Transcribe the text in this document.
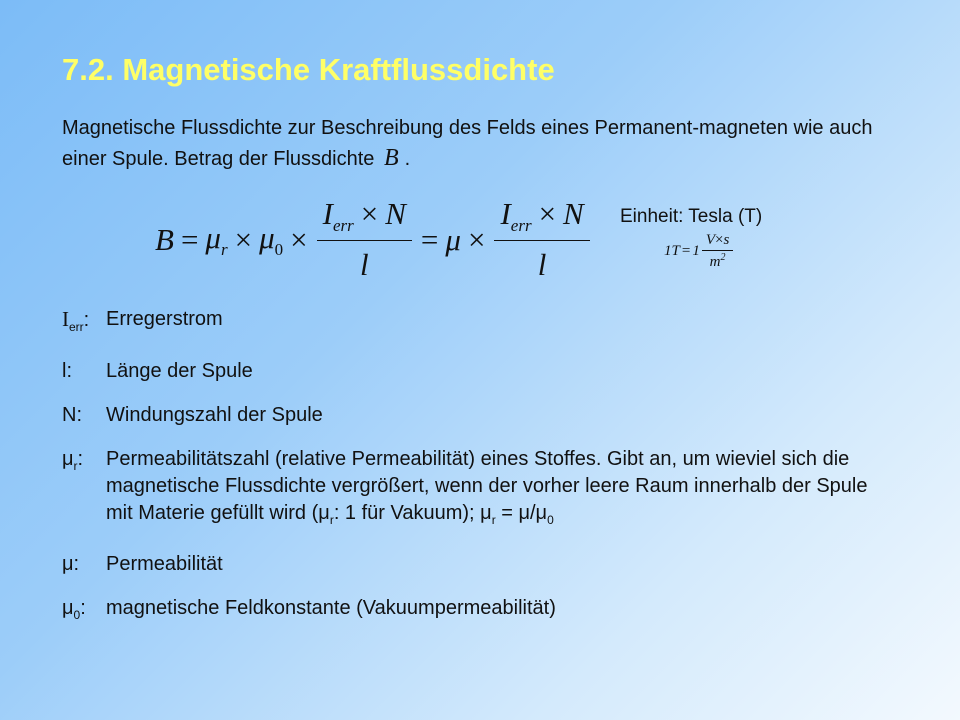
7.2. Magnetische Kraftflussdichte
Magnetische Flussdichte zur Beschreibung des Felds eines Permanent-magneten wie auch einer Spule. Betrag der Flussdichte B .
$B = \mu_r \times \mu_0 \times \frac{I_{err} \times N}{l} = \mu \times \frac{I_{err} \times N}{l}$ Einheit: Tesla (T)
$1T = 1 \frac{V\times s}{m^2}$
$I_{err}$: Erregerstrom
l:	Länge der Spule
N:	Windungszahl der Spule
$\mu_r$:	Permeabilitätszahl (relative Permeabilität) eines Stoffes. Gibt an, um wieviel sich die magnetische Flussdichte vergrößert, wenn der vorher leere Raum innerhalb der Spule mit Materie gefüllt wird ($\mu_r$: 1 für Vakuum); $\mu_r = \mu/\mu_0$
μ:	Permeabilität
$\mu_0$:	magnetische Feldkonstante (Vakuumpermeabilität)
